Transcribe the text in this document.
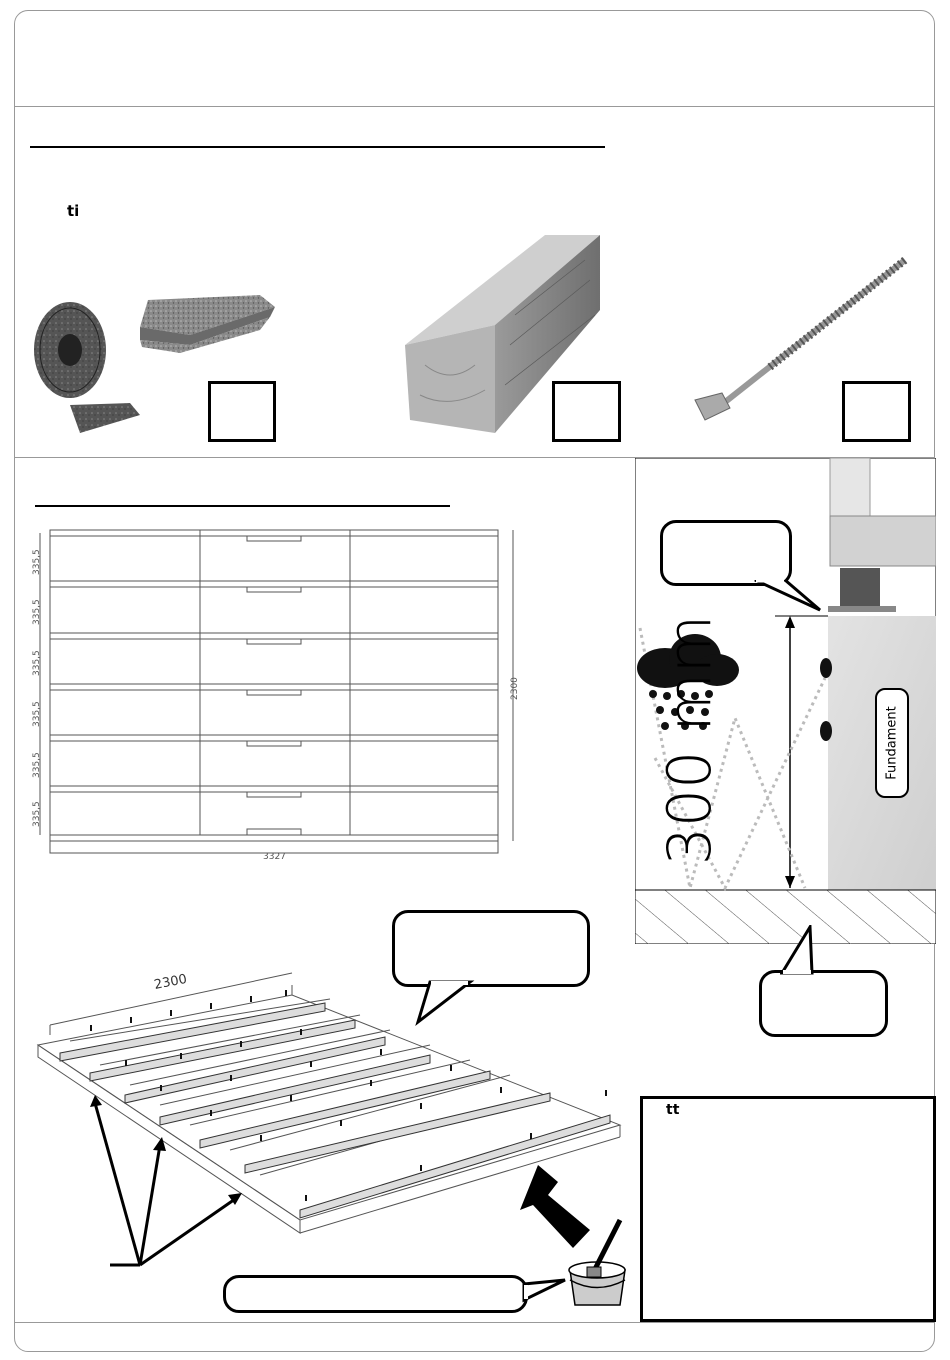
ti
335,5
335,5
335,5
335,5
335,5
335,5
2300
3327	300 mm	Fundament
2300
tt
